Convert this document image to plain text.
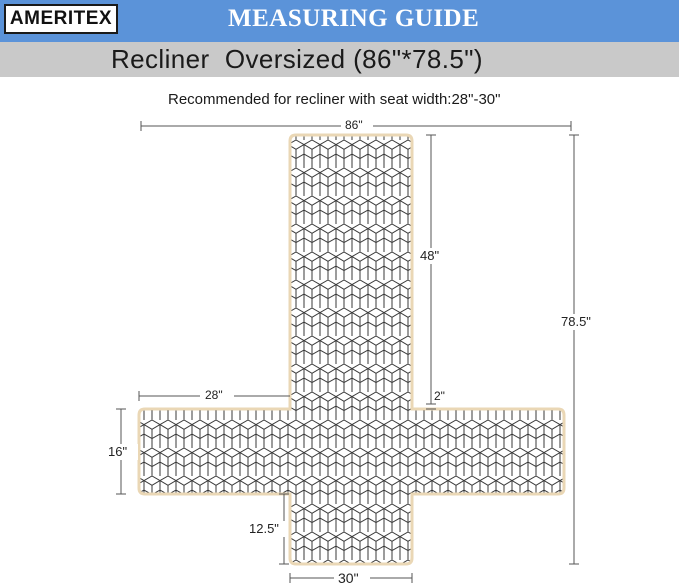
AMERITEX	MEASURING GUIDE
Recliner  Oversized (86"*78.5")
Recommended for recliner with seat width:28"-30"
86"
78.5"
48"
2"
28"
16"
12.5"
30"
